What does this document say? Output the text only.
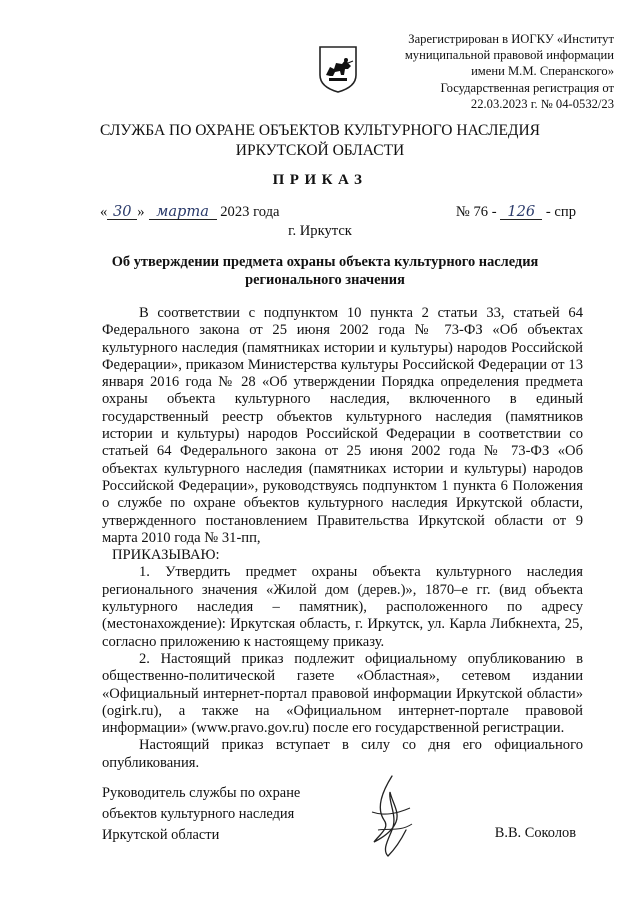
Зарегистрирован в ИОГКУ «Институт
муниципальной правовой информации
имени М.М. Сперанского»
Государственная регистрация от
22.03.2023 г. № 04-0532/23
СЛУЖБА ПО ОХРАНЕ ОБЪЕКТОВ КУЛЬТУРНОГО НАСЛЕДИЯ
ИРКУТСКОЙ ОБЛАСТИ
ПРИКАЗ
« 30 » марта 2023 года	№ 76 - 126 - спр
г. Иркутск
Об утверждении предмета охраны объекта культурного наследия регионального значения

В соответствии с подпунктом 10 пункта 2 статьи 33, статьей 64 Федерального закона от 25 июня 2002 года № 73-ФЗ «Об объектах культурного наследия (памятниках истории и культуры) народов Российской Федерации», приказом Министерства культуры Российской Федерации от 13 января 2016 года № 28 «Об утверждении Порядка определения предмета охраны объекта культурного наследия, включенного в единый государственный реестр объектов культурного наследия (памятников истории и культуры) народов Российской Федерации в соответствии со статьей 64 Федерального закона от 25 июня 2002 года № 73-ФЗ «Об объектах культурного наследия (памятниках истории и культуры) народов Российской Федерации», руководствуясь подпунктом 1 пункта 6 Положения о службе по охране объектов культурного наследия Иркутской области, утвержденного постановлением Правительства Иркутской области от 9 марта 2010 года № 31-пп,

ПРИКАЗЫВАЮ:

1. Утвердить предмет охраны объекта культурного наследия регионального значения «Жилой дом (дерев.)», 1870–е гг. (вид объекта культурного наследия – памятник), расположенного по адресу (местонахождение): Иркутская область, г. Иркутск, ул. Карла Либкнехта, 25, согласно приложению к настоящему приказу.

2. Настоящий приказ подлежит официальному опубликованию в общественно-политической газете «Областная», сетевом издании «Официальный интернет-портал правовой информации Иркутской области» (ogirk.ru), а также на «Официальном интернет-портале правовой информации» (www.pravo.gov.ru) после его государственной регистрации.

Настоящий приказ вступает в силу со дня его официального опубликования.

Руководитель службы по охране
объектов культурного наследия
Иркутской области	В.В. Соколов
